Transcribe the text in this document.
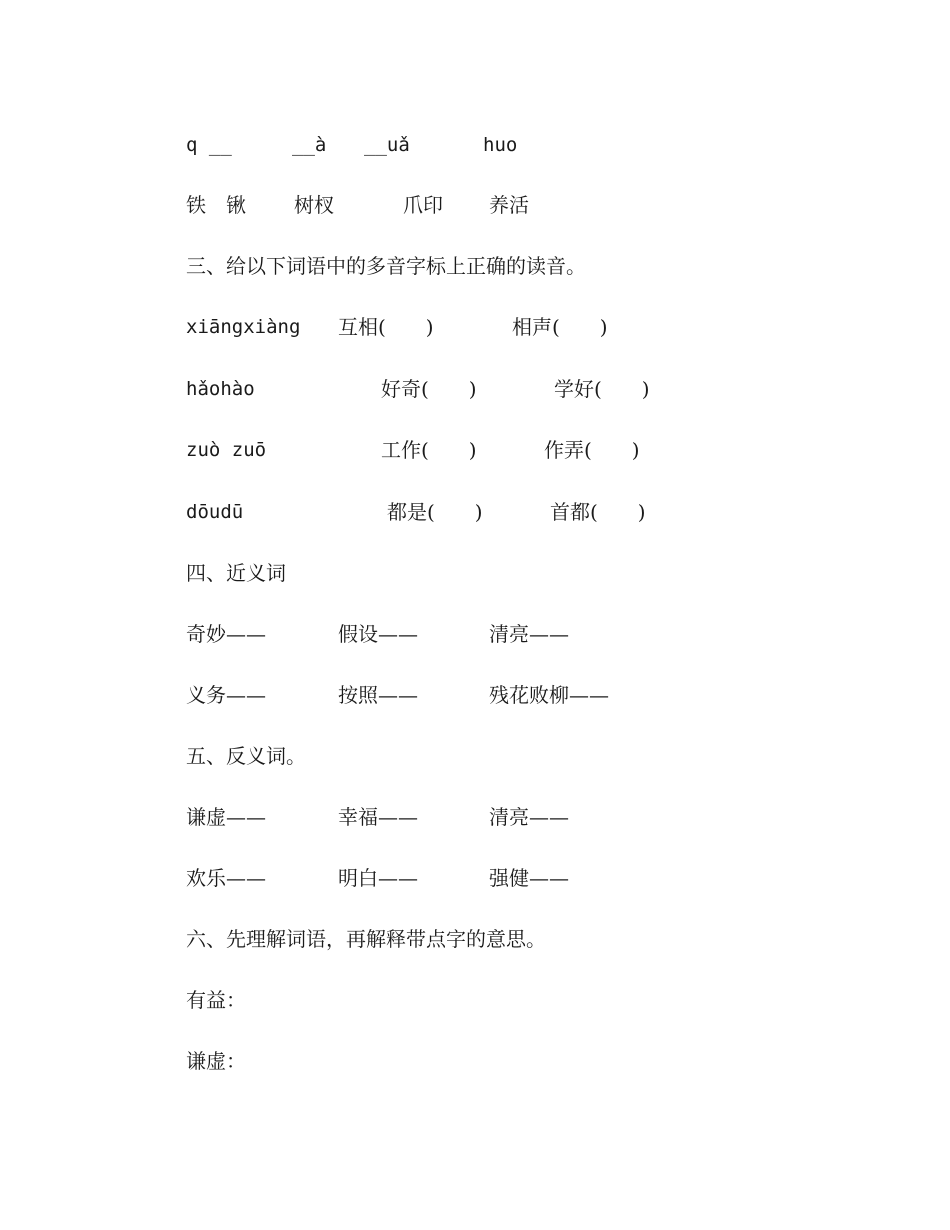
q __	__à __uǎ	huo
铁　锹 树杈	爪印 养活
三、给以下词语中的多音字标上正确的读音。
xiāngxiàng 互相(　　)	相声(　　)
hǎohào	好奇(　　)	学好(　　)
zuò zuō	工作(　　)	作弄(　　)
dōudū	都是(　　)	首都(　　)
四、近义词
奇妙——	假设——	清亮——
义务——	按照——	残花败柳——
五、反义词。
谦虚——	幸福——	清亮——
欢乐——	明白——	强健——
六、先理解词语，再解释带点字的意思。
有益：
谦虚：
